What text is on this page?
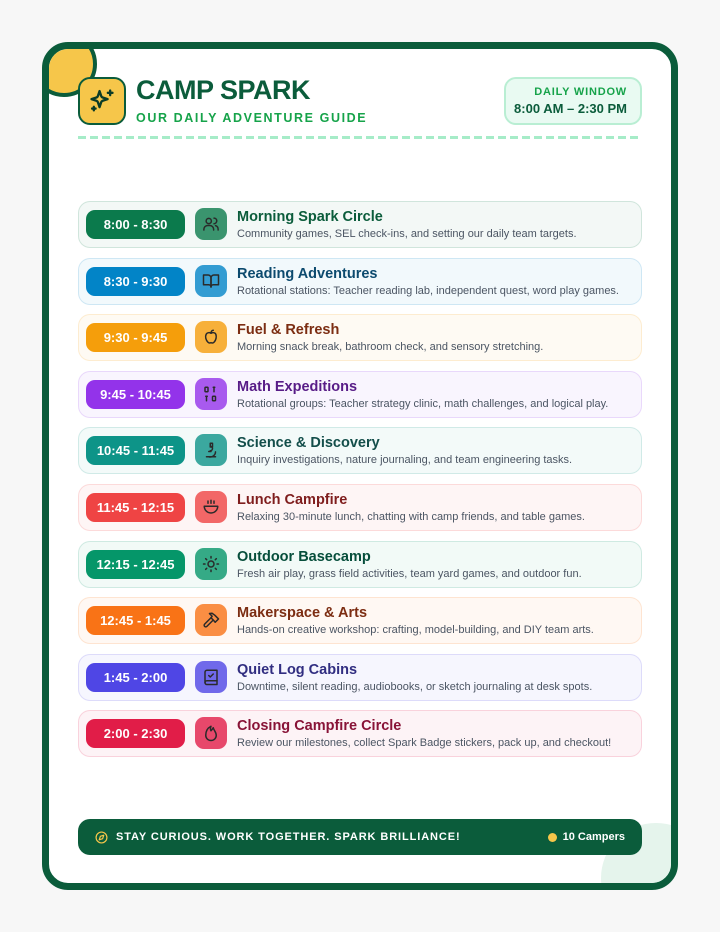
CAMP SPARK
OUR DAILY ADVENTURE GUIDE
DAILY WINDOW
8:00 AM – 2:30 PM
8:00 - 8:30	Morning Spark Circle
Community games, SEL check-ins, and setting our daily team targets.
8:30 - 9:30	Reading Adventures
Rotational stations: Teacher reading lab, independent quest, word play games.
9:30 - 9:45	Fuel & Refresh
Morning snack break, bathroom check, and sensory stretching.
9:45 - 10:45	Math Expeditions
Rotational groups: Teacher strategy clinic, math challenges, and logical play.
10:45 - 11:45	Science & Discovery
Inquiry investigations, nature journaling, and team engineering tasks.
11:45 - 12:15	Lunch Campfire
Relaxing 30-minute lunch, chatting with camp friends, and table games.
12:15 - 12:45	Outdoor Basecamp
Fresh air play, grass field activities, team yard games, and outdoor fun.
12:45 - 1:45	Makerspace & Arts
Hands-on creative workshop: crafting, model-building, and DIY team arts.
1:45 - 2:00	Quiet Log Cabins
Downtime, silent reading, audiobooks, or sketch journaling at desk spots.
2:00 - 2:30	Closing Campfire Circle
Review our milestones, collect Spark Badge stickers, pack up, and checkout!
STAY CURIOUS. WORK TOGETHER. SPARK BRILLIANCE!	10 Campers
